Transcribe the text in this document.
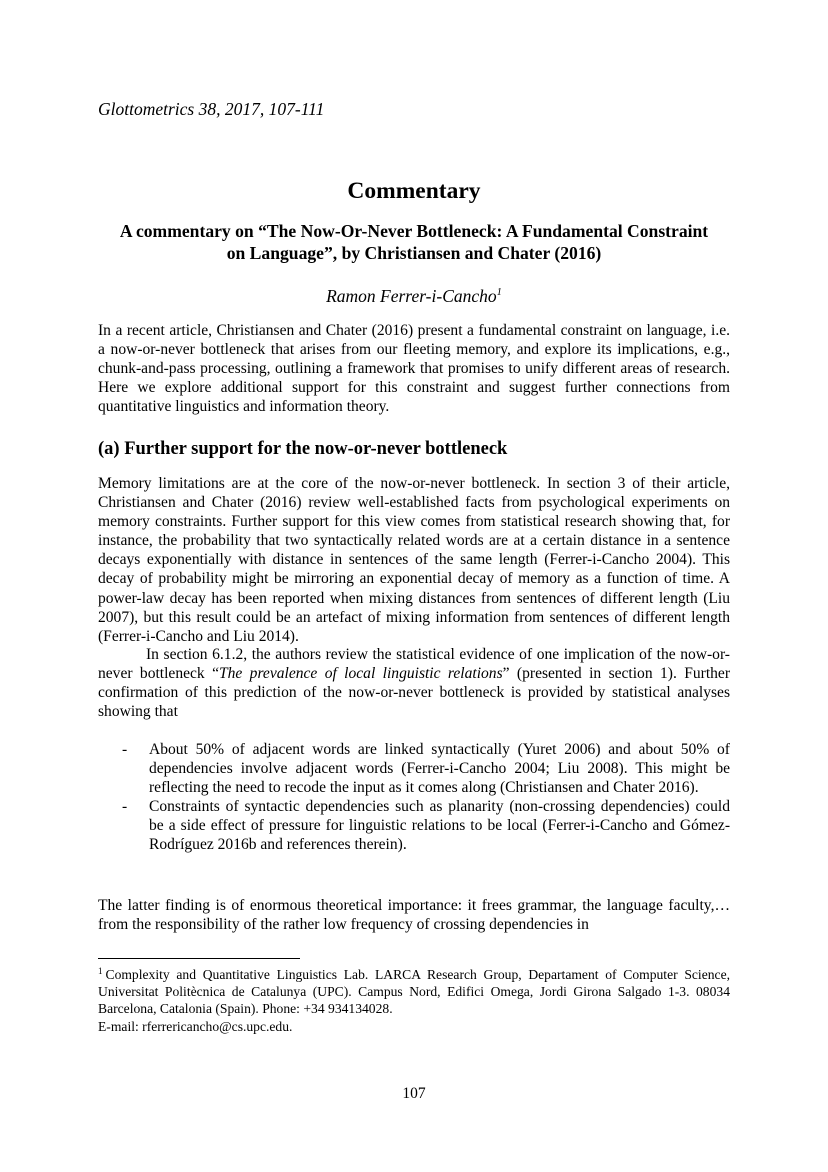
Glottometrics 38, 2017, 107-111
Commentary
A commentary on “The Now-Or-Never Bottleneck: A Fundamental Constraint on Language”, by Christiansen and Chater (2016)
Ramon Ferrer-i-Cancho$^1$

In a recent article, Christiansen and Chater (2016) present a fundamental constraint on language, i.e. a now-or-never bottleneck that arises from our fleeting memory, and explore its implications, e.g., chunk-and-pass processing, outlining a framework that promises to unify different areas of research. Here we explore additional support for this constraint and suggest further connections from quantitative linguistics and information theory.

(a) Further support for the now-or-never bottleneck

Memory limitations are at the core of the now-or-never bottleneck. In section 3 of their article, Christiansen and Chater (2016) review well-established facts from psychological experiments on memory constraints. Further support for this view comes from statistical research showing that, for instance, the probability that two syntactically related words are at a certain distance in a sentence decays exponentially with distance in sentences of the same length (Ferrer-i-Cancho 2004). This decay of probability might be mirroring an exponential decay of memory as a function of time. A power-law decay has been reported when mixing distances from sentences of different length (Liu 2007), but this result could be an artefact of mixing information from sentences of different length (Ferrer-i-Cancho and Liu 2014).

In section 6.1.2, the authors review the statistical evidence of one implication of the now-or-never bottleneck “The prevalence of local linguistic relations” (presented in section 1). Further confirmation of this prediction of the now-or-never bottleneck is provided by statistical analyses showing that

- About 50% of adjacent words are linked syntactically (Yuret 2006) and about 50% of dependencies involve adjacent words (Ferrer-i-Cancho 2004; Liu 2008). This might be reflecting the need to recode the input as it comes along (Christiansen and Chater 2016).
- Constraints of syntactic dependencies such as planarity (non-crossing dependencies) could be a side effect of pressure for linguistic relations to be local (Ferrer-i-Cancho and Gómez-Rodríguez 2016b and references therein).

The latter finding is of enormous theoretical importance: it frees grammar, the language faculty,… from the responsibility of the rather low frequency of crossing dependencies in

$^1$ Complexity and Quantitative Linguistics Lab. LARCA Research Group, Departament of Computer Science, Universitat Politècnica de Catalunya (UPC). Campus Nord, Edifici Omega, Jordi Girona Salgado 1-3. 08034 Barcelona, Catalonia (Spain). Phone: +34 934134028.
E-mail: rferrericancho@cs.upc.edu.

107
